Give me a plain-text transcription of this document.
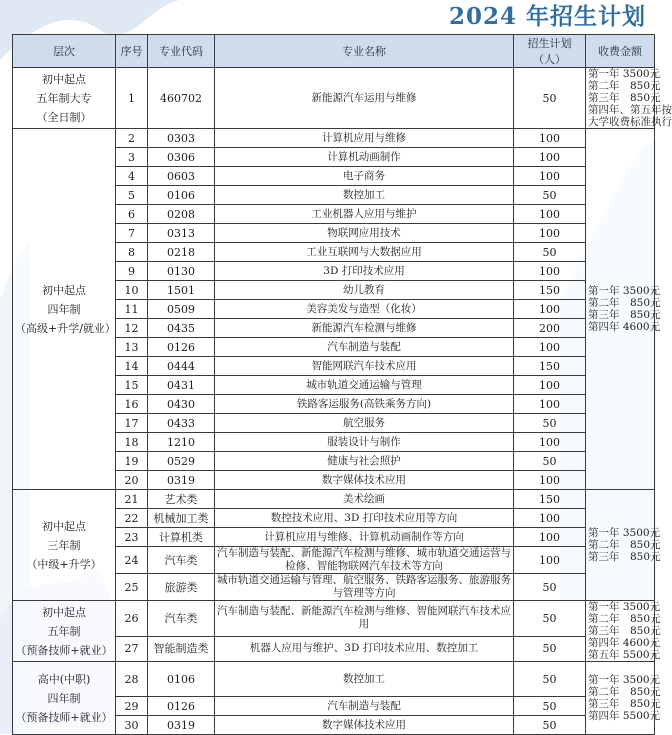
2024 年招生计划
层次	序号	专业代码	专业名称	招生计划（人）	收费金额

初中起点
五年制大专
（全日制）	1	460702	新能源汽车运用与维修	50	第一年 3500元
第二年　850元
第三年　850元
第四年、第五年按
大学收费标准执行

初中起点
四年制
（高级+升学/就业）	2	0303	计算机应用与维修	100	第一年 3500元
第二年　850元
第三年　850元
第四年 4600元

	3	0306	计算机动画制作	100	
	4	0603	电子商务	100	
	5	0106	数控加工	50	
	6	0208	工业机器人应用与维护	100	
	7	0313	物联网应用技术	100	
	8	0218	工业互联网与大数据应用	50	
	9	0130	3D 打印技术应用	100	
	10	1501	幼儿教育	150	
	11	0509	美容美发与造型（化妆）	100	
	12	0435	新能源汽车检测与维修	200	
	13	0126	汽车制造与装配	100	
	14	0444	智能网联汽车技术应用	150	
	15	0431	城市轨道交通运输与管理	100	
	16	0430	铁路客运服务(高铁乘务方向)	100	
	17	0433	航空服务	50	
	18	1210	服装设计与制作	100	
	19	0529	健康与社会照护	50	
	20	0319	数字媒体技术应用	100	

初中起点
三年制
（中级+升学）	21	艺术类	美术绘画	150	第一年 3500元
第二年　850元
第三年　850元

	22	机械加工类	数控技术应用、3D 打印技术应用等方向	100	
	23	计算机类	计算机应用与维修、计算机动画制作等方向	100	
	24	汽车类	汽车制造与装配、新能源汽车检测与维修、城市轨道交通运营与检修、智能物联网汽车技术等方向	100	
	25	旅游类	城市轨道交通运输与管理、航空服务、铁路客运服务、旅游服务与管理等方向	50	

初中起点
五年制
（预备技师+就业）	26	汽车类	汽车制造与装配、新能源汽车检测与维修、智能网联汽车技术应用	50	第一年 3500元
第二年　850元
第三年　850元
第四年 4600元
第五年 5500元

	27	智能制造类	机器人应用与维护、3D 打印技术应用、数控加工	50	

高中(中职)
四年制
（预备技师+就业）	28	0106	数控加工	50	第一年 3500元
第二年　850元
第三年　850元
第四年 5500元

	29	0126	汽车制造与装配	50	
	30	0319	数字媒体技术应用	50	
